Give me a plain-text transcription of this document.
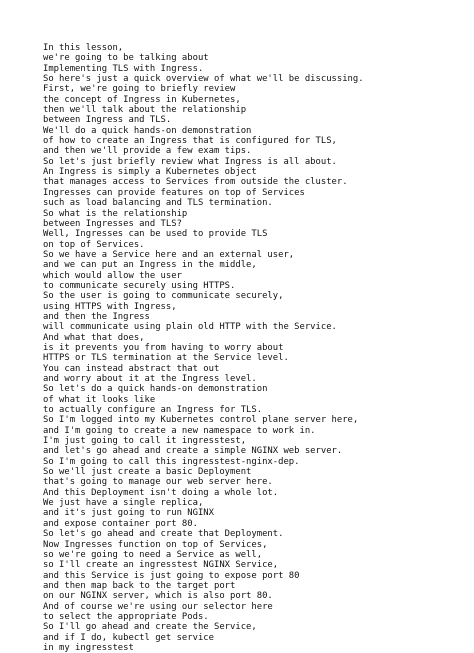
In this lesson,
we're going to be talking about
Implementing TLS with Ingress.
So here's just a quick overview of what we'll be discussing.
First, we're going to briefly review
the concept of Ingress in Kubernetes,
then we'll talk about the relationship
between Ingress and TLS.
We'll do a quick hands-on demonstration
of how to create an Ingress that is configured for TLS,
and then we'll provide a few exam tips.
So let's just briefly review what Ingress is all about.
An Ingress is simply a Kubernetes object
that manages access to Services from outside the cluster.
Ingresses can provide features on top of Services
such as load balancing and TLS termination.
So what is the relationship
between Ingresses and TLS?
Well, Ingresses can be used to provide TLS
on top of Services.
So we have a Service here and an external user,
and we can put an Ingress in the middle,
which would allow the user
to communicate securely using HTTPS.
So the user is going to communicate securely,
using HTTPS with Ingress,
and then the Ingress
will communicate using plain old HTTP with the Service.
And what that does,
is it prevents you from having to worry about
HTTPS or TLS termination at the Service level.
You can instead abstract that out
and worry about it at the Ingress level.
So let's do a quick hands-on demonstration
of what it looks like
to actually configure an Ingress for TLS.
So I'm logged into my Kubernetes control plane server here,
and I'm going to create a new namespace to work in.
I'm just going to call it ingresstest,
and let's go ahead and create a simple NGINX web server.
So I'm going to call this ingresstest-nginx-dep.
So we'll just create a basic Deployment
that's going to manage our web server here.
And this Deployment isn't doing a whole lot.
We just have a single replica,
and it's just going to run NGINX
and expose container port 80.
So let's go ahead and create that Deployment.
Now Ingresses function on top of Services,
so we're going to need a Service as well,
so I'll create an ingresstest NGINX Service,
and this Service is just going to expose port 80
and then map back to the target port
on our NGINX server, which is also port 80.
And of course we're using our selector here
to select the appropriate Pods.
So I'll go ahead and create the Service,
and if I do, kubectl get service
in my ingresstest
